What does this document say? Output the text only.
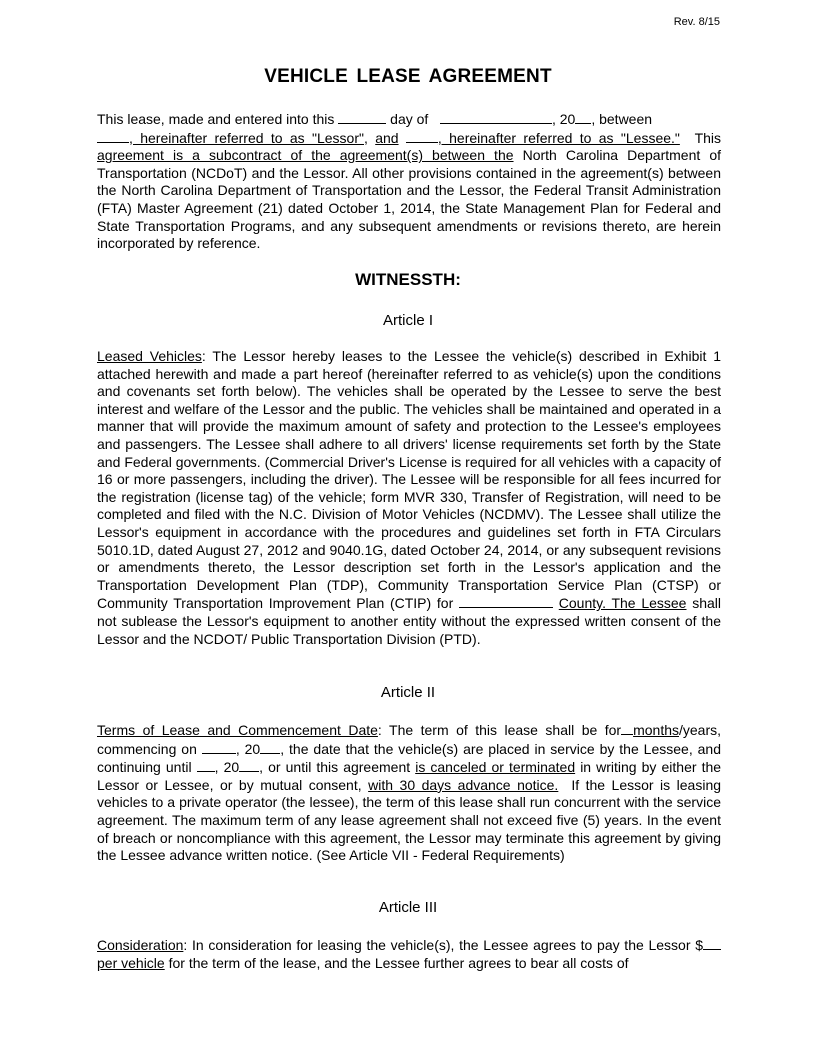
Rev. 8/15
VEHICLE LEASE AGREEMENT

This lease, made and entered into this	day of	, 20 , between
, hereinafter referred to as "Lessor", and	, hereinafter referred to as "Lessee." This agreement is a subcontract of the agreement(s) between the North Carolina Department of Transportation (NCDoT) and the Lessor. All other provisions contained in the agreement(s) between the North Carolina Department of Transportation and the Lessor, the Federal Transit Administration (FTA) Master Agreement (21) dated October 1, 2014, the State Management Plan for Federal and State Transportation Programs, and any subsequent amendments or revisions thereto, are herein incorporated by reference.

WITNESSTH:
Article I

Leased Vehicles: The Lessor hereby leases to the Lessee the vehicle(s) described in Exhibit 1 attached herewith and made a part hereof (hereinafter referred to as vehicle(s) upon the conditions and covenants set forth below). The vehicles shall be operated by the Lessee to serve the best interest and welfare of the Lessor and the public. The vehicles shall be maintained and operated in a manner that will provide the maximum amount of safety and protection to the Lessee's employees and passengers. The Lessee shall adhere to all drivers' license requirements set forth by the State and Federal governments. (Commercial Driver's License is required for all vehicles with a capacity of 16 or more passengers, including the driver). The Lessee will be responsible for all fees incurred for the registration (license tag) of the vehicle; form MVR 330, Transfer of Registration, will need to be completed and filed with the N.C. Division of Motor Vehicles (NCDMV). The Lessee shall utilize the Lessor's equipment in accordance with the procedures and guidelines set forth in FTA Circulars 5010.1D, dated August 27, 2012 and 9040.1G, dated October 24, 2014, or any subsequent revisions or amendments thereto, the Lessor description set forth in the Lessor's application and the Transportation Development Plan (TDP), Community Transportation Service Plan (CTSP) or Community Transportation Improvement Plan (CTIP) for	County. The Lessee shall not sublease the Lessor's equipment to another entity without the expressed written consent of the Lessor and the NCDOT/ Public Transportation Division (PTD).

Article II

Terms of Lease and Commencement Date: The term of this lease shall be for months/years, commencing on	, 20 , the date that the vehicle(s) are placed in service by the Lessee, and continuing until , 20 , or until this agreement is canceled or terminated in writing by either the Lessor or Lessee, or by mutual consent, with 30 days advance notice. If the Lessor is leasing vehicles to a private operator (the lessee), the term of this lease shall run concurrent with the service agreement. The maximum term of any lease agreement shall not exceed five (5) years. In the event of breach or noncompliance with this agreement, the Lessor may terminate this agreement by giving the Lessee advance written notice. (See Article VII - Federal Requirements)

Article III

Consideration: In consideration for leasing the vehicle(s), the Lessee agrees to pay the Lessor $per vehicle for the term of the lease, and the Lessee further agrees to bear all costs of
